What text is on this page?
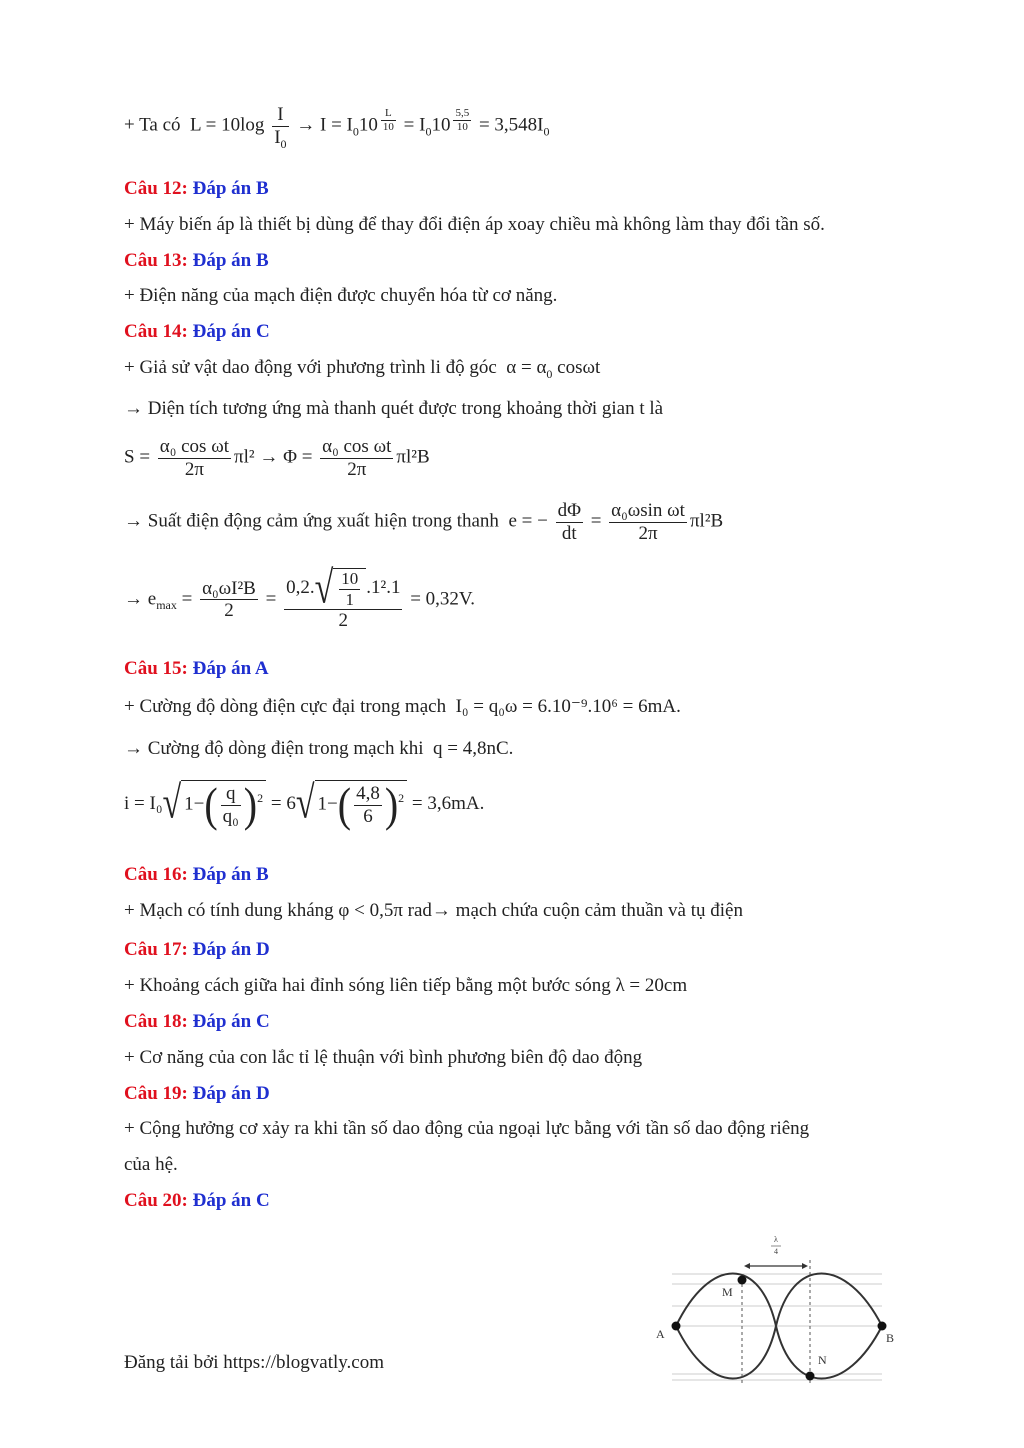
+ Ta có $L = 10\log \frac{I}{I_0} \to I = I_010$ $^{\frac{L}{10}} = I_010$ $^{\frac{5,5}{10}} = 3,548I_0$
Câu 12: Đáp án B
+ Máy biến áp là thiết bị dùng để thay đổi điện áp xoay chiều mà không làm thay đổi tần số.
Câu 13: Đáp án B
+ Điện năng của mạch điện được chuyển hóa từ cơ năng.
Câu 14: Đáp án C
+ Giả sử vật dao động với phương trình li độ góc $\alpha = \alpha_0$ cosωt
→ Diện tích tương ứng mà thanh quét được trong khoảng thời gian t là
$S = \frac{\text{α₀ cos ωt}}{2\pi} \pi l^2 \to \Phi = \frac{\text{α₀ cos ωt}}{2\pi} \pi l^2B$
→ Suất điện động cảm ứng xuất hiện trong thanh e = − $\frac{d\Phi}{dt} = \frac{\text{α₀ωsin ωt}}{2\pi} \pi l^2B$
→ $e_{max} = \frac{\text{α₀ωI²B}}{2} = \frac{0,2.√ \frac{10}{1} .1^2.1}{2} = 0,32V$.
Câu 15: Đáp án A
+ Cường độ dòng điện cực đại trong mạch I₀ = q₀ω = 6.10⁻⁹.10⁶ = 6mA.
→ Cường độ dòng điện trong mạch khi q = 4,8nC.
i = I₀√ $1-( \frac{q}{\text{q₀}} )^2 = 6√$ $1-( \frac{4,8}{6} )^2 = 3,6mA$.
Câu 16: Đáp án B
+ Mạch có tính dung kháng φ < 0,5π rad→ mạch chứa cuộn cảm thuần và tụ điện
Câu 17: Đáp án D
+ Khoảng cách giữa hai đỉnh sóng liên tiếp bằng một bước sóng λ = 20cm
Câu 18: Đáp án C
+ Cơ năng của con lắc tỉ lệ thuận với bình phương biên độ dao động
Câu 19: Đáp án D
+ Cộng hưởng cơ xảy ra khi tần số dao động của ngoại lực bằng với tần số dao động riêng
của hệ.
Câu 20: Đáp án C
λ
4
A	B
M
N
Đăng tải bởi https://blogvatly.com
